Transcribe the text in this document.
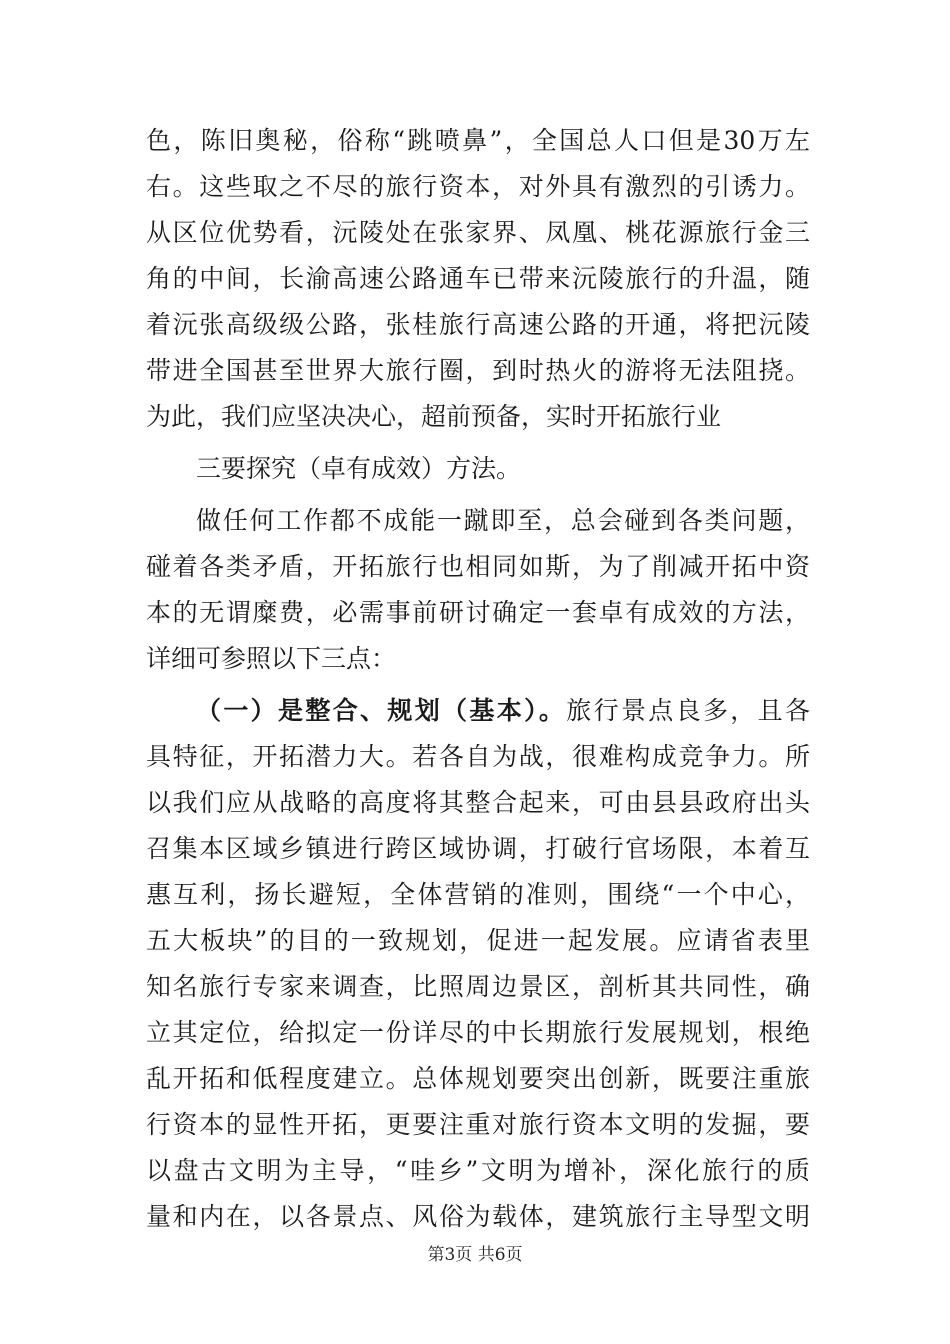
色，陈旧奥秘，俗称“跳喷鼻”，全国总人口但是30万左
右。这些取之不尽的旅行资本，对外具有激烈的引诱力。
从区位优势看，沅陵处在张家界、凤凰、桃花源旅行金三
角的中间，长渝高速公路通车已带来沅陵旅行的升温，随
着沅张高级级公路，张桂旅行高速公路的开通，将把沅陵
带进全国甚至世界大旅行圈，到时热火的游将无法阻挠。
为此，我们应坚决决心，超前预备，实时开拓旅行业
三要探究（卓有成效）方法。
做任何工作都不成能一蹴即至，总会碰到各类问题，
碰着各类矛盾，开拓旅行也相同如斯，为了削减开拓中资
本的无谓糜费，必需事前研讨确定一套卓有成效的方法，
详细可参照以下三点：
（一）是整合、规划（基本）。旅行景点良多，且各
具特征，开拓潜力大。若各自为战，很难构成竞争力。所
以我们应从战略的高度将其整合起来，可由县县政府出头
召集本区域乡镇进行跨区域协调，打破行官场限，本着互
惠互利，扬长避短，全体营销的准则，围绕“一个中心，
五大板块”的目的一致规划，促进一起发展。应请省表里
知名旅行专家来调查，比照周边景区，剖析其共同性，确
立其定位，给拟定一份详尽的中长期旅行发展规划，根绝
乱开拓和低程度建立。总体规划要突出创新，既要注重旅
行资本的显性开拓，更要注重对旅行资本文明的发掘，要
以盘古文明为主导，“哇乡”文明为增补，深化旅行的质
量和内在，以各景点、风俗为载体，建筑旅行主导型文明
第3页 共6页
